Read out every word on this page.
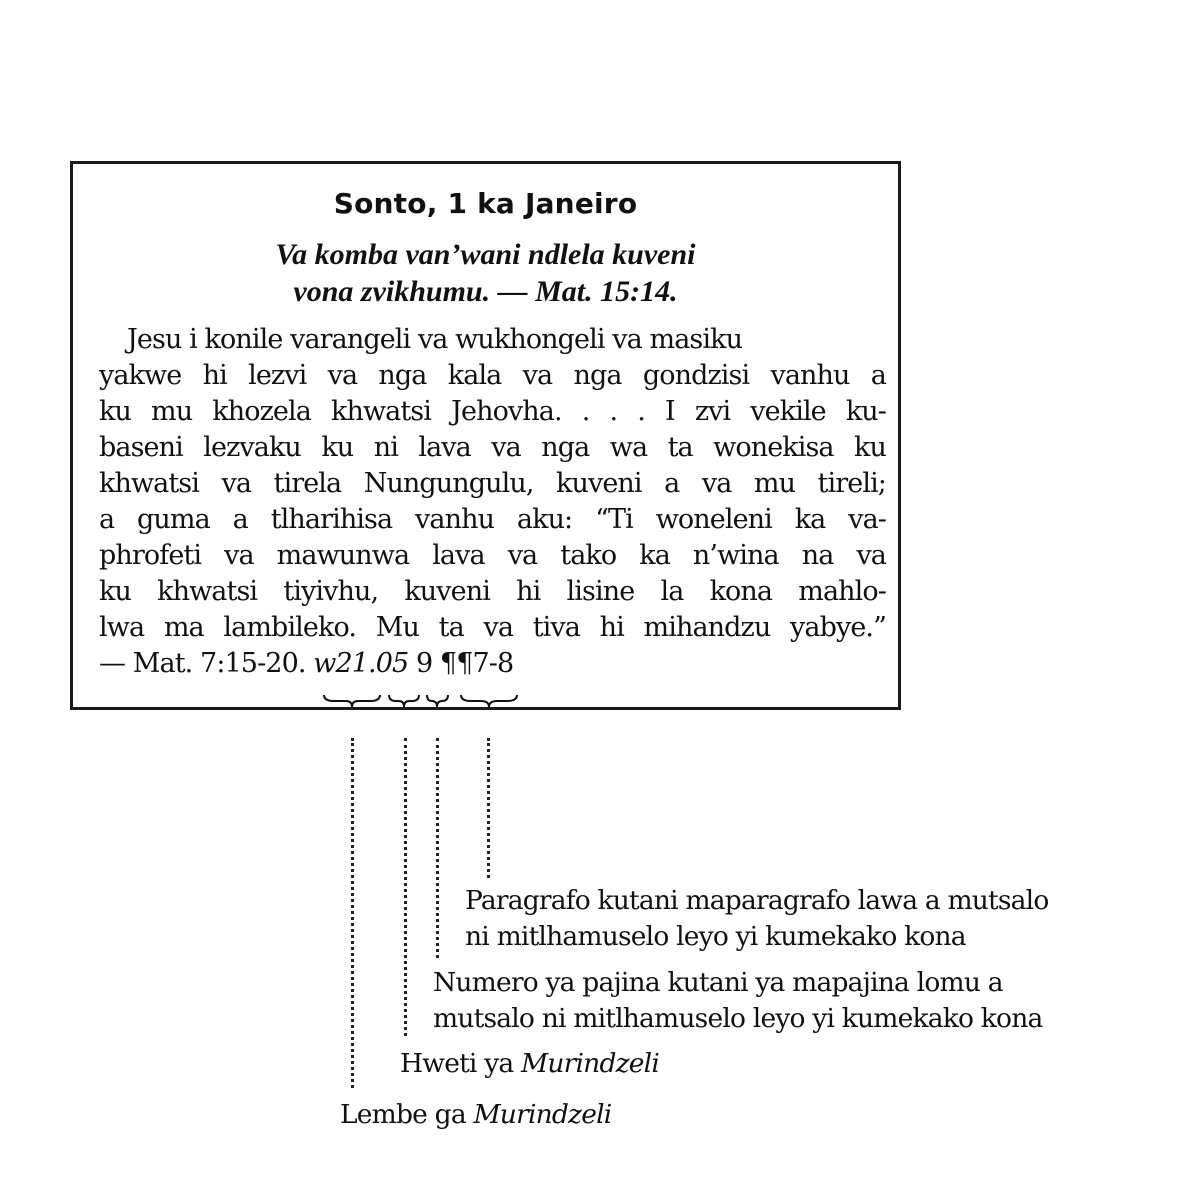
Sonto, 1 ka Janeiro
Va komba van’wani ndlela kuveni
vona zvikhumu. — Mat. 15:14.
Jesu i konile varangeli va wukhongeli va masiku
yakwe hi lezvi va nga kala va nga gondzisi vanhu a
ku mu khozela khwatsi Jehovha. . . . I zvi vekile ku-
baseni lezvaku ku ni lava va nga wa ta wonekisa ku
khwatsi va tirela Nungungulu, kuveni a va mu tireli;
a guma a tlharihisa vanhu aku: “Ti woneleni ka va-
phrofeti va mawunwa lava va tako ka n’wina na va
ku khwatsi tiyivhu, kuveni hi lisine la kona mahlo-
lwa ma lambileko. Mu ta va tiva hi mihandzu yabye.”
— Mat. 7:15-20. w21.05 9 ¶¶7-8
Paragrafo kutani maparagrafo lawa a mutsalo
ni mitlhamuselo leyo yi kumekako kona
Numero ya pajina kutani ya mapajina lomu a
mutsalo ni mitlhamuselo leyo yi kumekako kona
Hweti ya Murindzeli
Lembe ga Murindzeli
